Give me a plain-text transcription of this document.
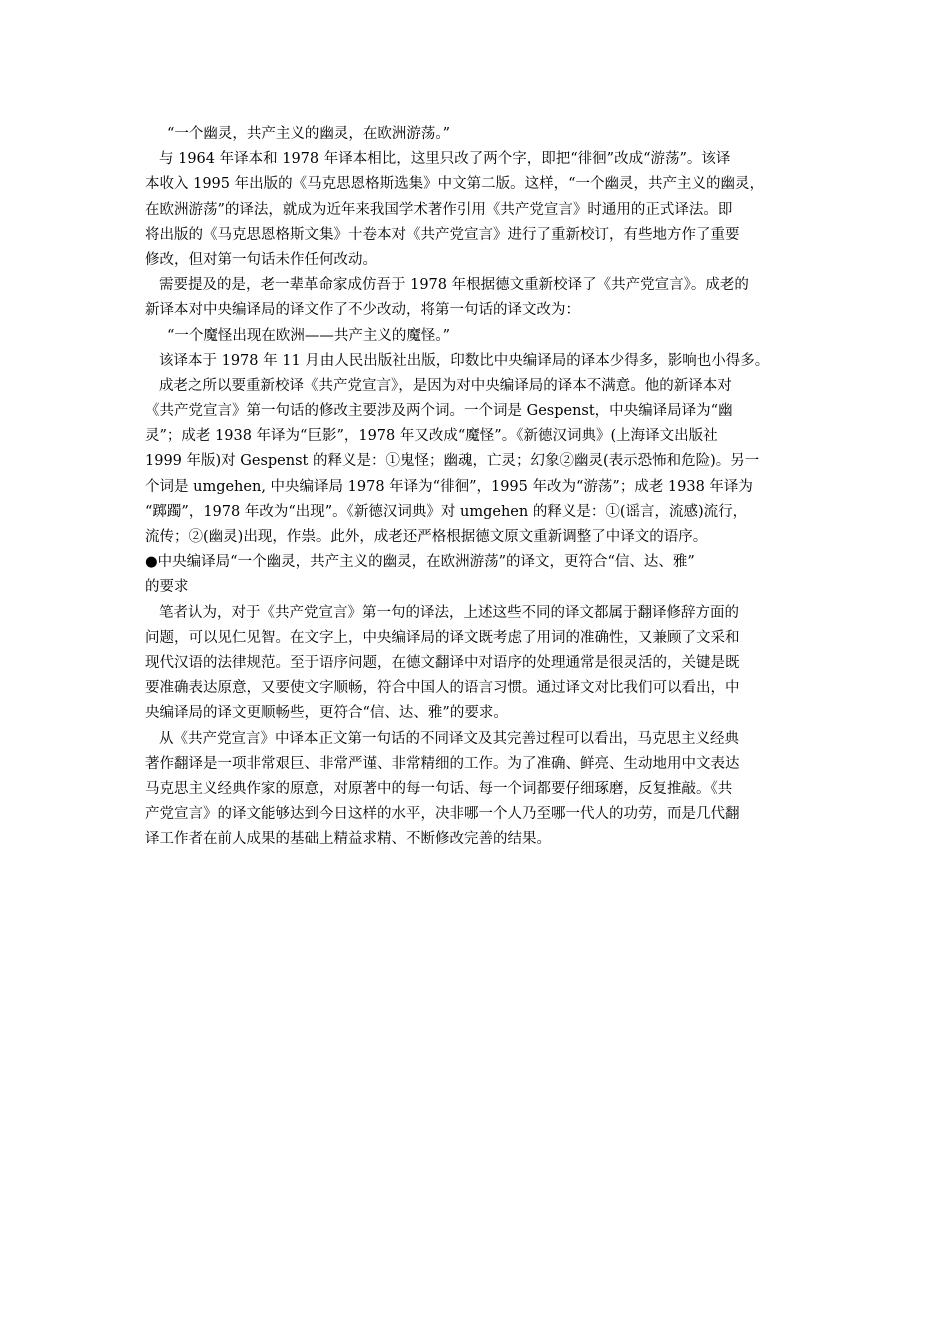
“一个幽灵，共产主义的幽灵，在欧洲游荡。”
与 1964 年译本和 1978 年译本相比，这里只改了两个字，即把“徘徊”改成“游荡”。该译
本收入 1995 年出版的《马克思恩格斯选集》中文第二版。这样，“一个幽灵，共产主义的幽灵，
在欧洲游荡”的译法，就成为近年来我国学术著作引用《共产党宣言》时通用的正式译法。即
将出版的《马克思恩格斯文集》十卷本对《共产党宣言》进行了重新校订，有些地方作了重要
修改，但对第一句话未作任何改动。
需要提及的是，老一辈革命家成仿吾于 1978 年根据德文重新校译了《共产党宣言》。成老的
新译本对中央编译局的译文作了不少改动，将第一句话的译文改为：
“一个魔怪出现在欧洲——共产主义的魔怪。”
该译本于 1978 年 11 月由人民出版社出版，印数比中央编译局的译本少得多，影响也小得多。
成老之所以要重新校译《共产党宣言》，是因为对中央编译局的译本不满意。他的新译本对
《共产党宣言》第一句话的修改主要涉及两个词。一个词是 Gespenst，中央编译局译为“幽
灵”；成老 1938 年译为“巨影”，1978 年又改成“魔怪”。《新德汉词典》(上海译文出版社
1999 年版)对 Gespenst 的释义是：①鬼怪；幽魂，亡灵；幻象②幽灵(表示恐怖和危险)。另一
个词是 umgehen, 中央编译局 1978 年译为“徘徊”，1995 年改为“游荡”；成老 1938 年译为
“踯躅”，1978 年改为“出现”。《新德汉词典》对 umgehen 的释义是：①(谣言，流感)流行，
流传；②(幽灵)出现，作祟。此外，成老还严格根据德文原文重新调整了中译文的语序。
●中央编译局“一个幽灵，共产主义的幽灵，在欧洲游荡”的译文，更符合“信、达、雅”
的要求
笔者认为，对于《共产党宣言》第一句的译法，上述这些不同的译文都属于翻译修辞方面的
问题，可以见仁见智。在文字上，中央编译局的译文既考虑了用词的准确性，又兼顾了文采和
现代汉语的法律规范。至于语序问题，在德文翻译中对语序的处理通常是很灵活的，关键是既
要准确表达原意，又要使文字顺畅，符合中国人的语言习惯。通过译文对比我们可以看出，中
央编译局的译文更顺畅些，更符合“信、达、雅”的要求。
从《共产党宣言》中译本正文第一句话的不同译文及其完善过程可以看出，马克思主义经典
著作翻译是一项非常艰巨、非常严谨、非常精细的工作。为了准确、鲜亮、生动地用中文表达
马克思主义经典作家的原意，对原著中的每一句话、每一个词都要仔细琢磨，反复推敲。《共
产党宣言》的译文能够达到今日这样的水平，决非哪一个人乃至哪一代人的功劳，而是几代翻
译工作者在前人成果的基础上精益求精、不断修改完善的结果。
